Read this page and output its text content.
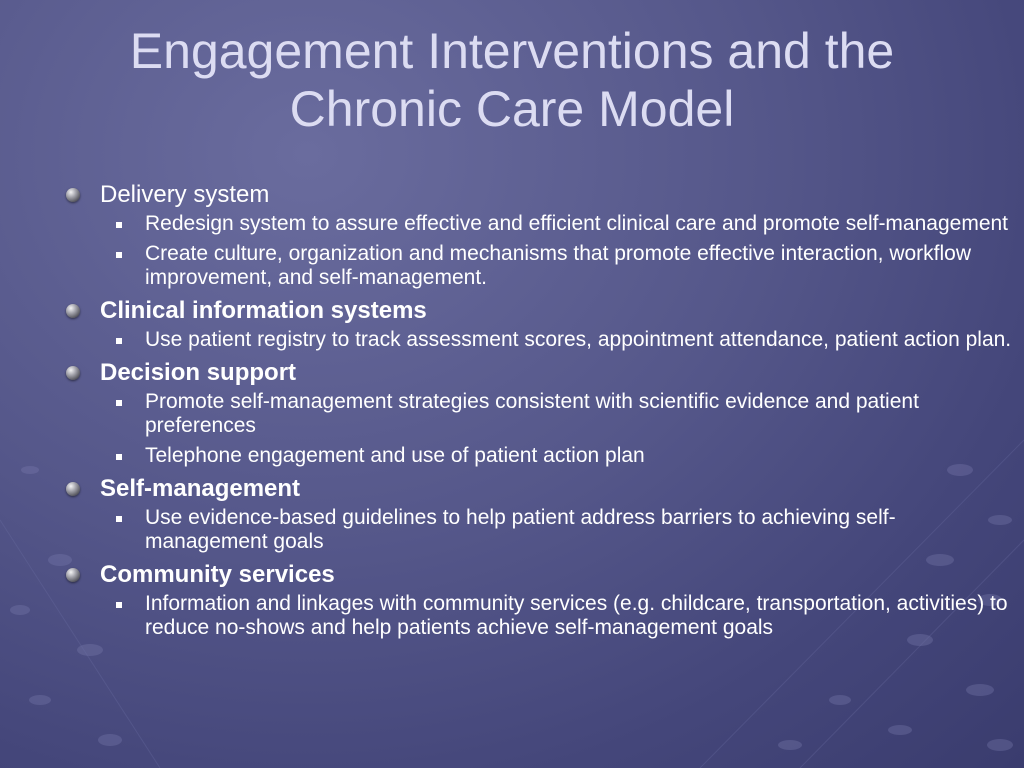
Engagement Interventions and the
Chronic Care Model
Delivery system
Redesign system to assure effective and efficient clinical care and promote self-management
Create culture, organization and mechanisms that promote effective interaction, workflow improvement, and self-management.
Clinical information systems
Use patient registry to track assessment scores, appointment attendance, patient action plan.
Decision support
Promote self-management strategies consistent with scientific evidence and patient preferences
Telephone engagement and use of patient action plan
Self-management
Use evidence-based guidelines to help patient address barriers to achieving self-management goals
Community services
Information and linkages with community services (e.g. childcare, transportation, activities) to reduce no-shows and help patients achieve self-management goals
